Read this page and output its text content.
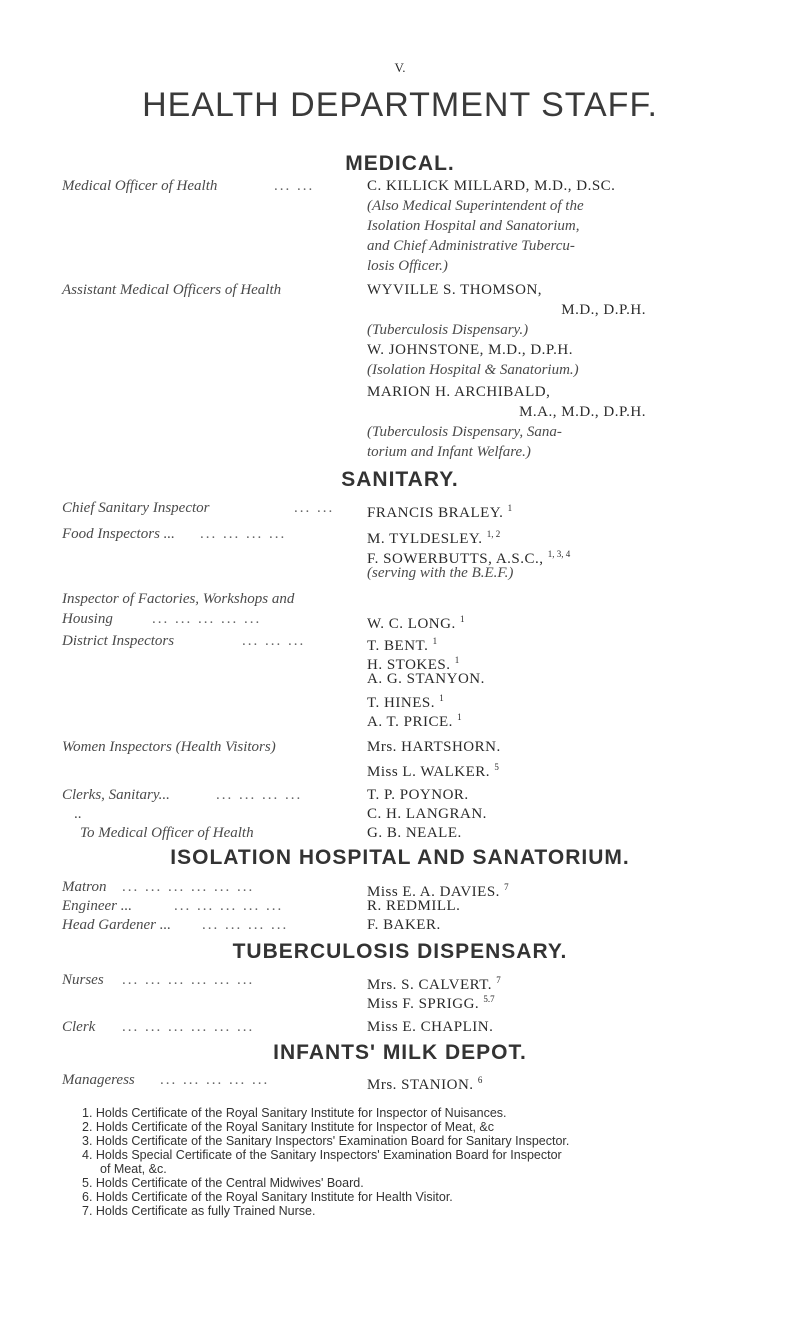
V.
HEALTH DEPARTMENT STAFF.
MEDICAL.
Medical Officer of Health	... ...	C. KILLICK MILLARD, M.D., D.SC.
(Also Medical Superintendent of the
Isolation Hospital and Sanatorium,
and Chief Administrative Tubercu-
losis Officer.)
Assistant Medical Officers of Health	WYVILLE S. THOMSON,
M.D., D.P.H.
(Tuberculosis Dispensary.)
W. JOHNSTONE, M.D., D.P.H.
(Isolation Hospital & Sanatorium.)
MARION H. ARCHIBALD,
M.A., M.D., D.P.H.
(Tuberculosis Dispensary, Sana-
torium and Infant Welfare.)
SANITARY.
Chief Sanitary Inspector	... ... FRANCIS BRALEY. $^1$
Food Inspectors ... ... ... ... ...	M. TYLDESLEY. $^{1, 2}$
F. SOWERBUTTS, A.S.C., $^{1, 3, 4}$
(serving with the B.E.F.)
Inspector of Factories, Workshops and
Housing	... ... ... ... ...	W. C. LONG. $^1$
District Inspectors	... ... ...	T. BENT. $^1$
H. STOKES. $^1$
A. G. STANYON.
T. HINES. $^1$
A. T. PRICE. $^1$
Women Inspectors (Health Visitors)	Mrs. HARTSHORN.
Miss L. WALKER. $^5$
Clerks, Sanitary...	... ... ... ...	T. P. POYNOR.
..	C. H. LANGRAN.
To Medical Officer of Health	G. B. NEALE.
ISOLATION HOSPITAL AND SANATORIUM.
Matron ... ... ... ... ... ...	Miss E. A. DAVIES. $^7$
Engineer ...	... ... ... ... ...	R. REDMILL.
Head Gardener ... ... ... ... ...	F. BAKER.
TUBERCULOSIS DISPENSARY.
Nurses ... ... ... ... ... ...	Mrs. S. CALVERT. $^7$
Miss F. SPRIGG. $^{5.7}$
Clerk ... ... ... ... ... ...	Miss E. CHAPLIN.
INFANTS' MILK DEPOT.
Manageress ... ... ... ... ...	Mrs. STANION. $^6$
1. Holds Certificate of the Royal Sanitary Institute for Inspector of Nuisances.
2. Holds Certificate of the Royal Sanitary Institute for Inspector of Meat, &c
3. Holds Certificate of the Sanitary Inspectors' Examination Board for Sanitary Inspector.
4. Holds Special Certificate of the Sanitary Inspectors' Examination Board for Inspector
of Meat, &c.
5. Holds Certificate of the Central Midwives' Board.
6. Holds Certificate of the Royal Sanitary Institute for Health Visitor.
7. Holds Certificate as fully Trained Nurse.
